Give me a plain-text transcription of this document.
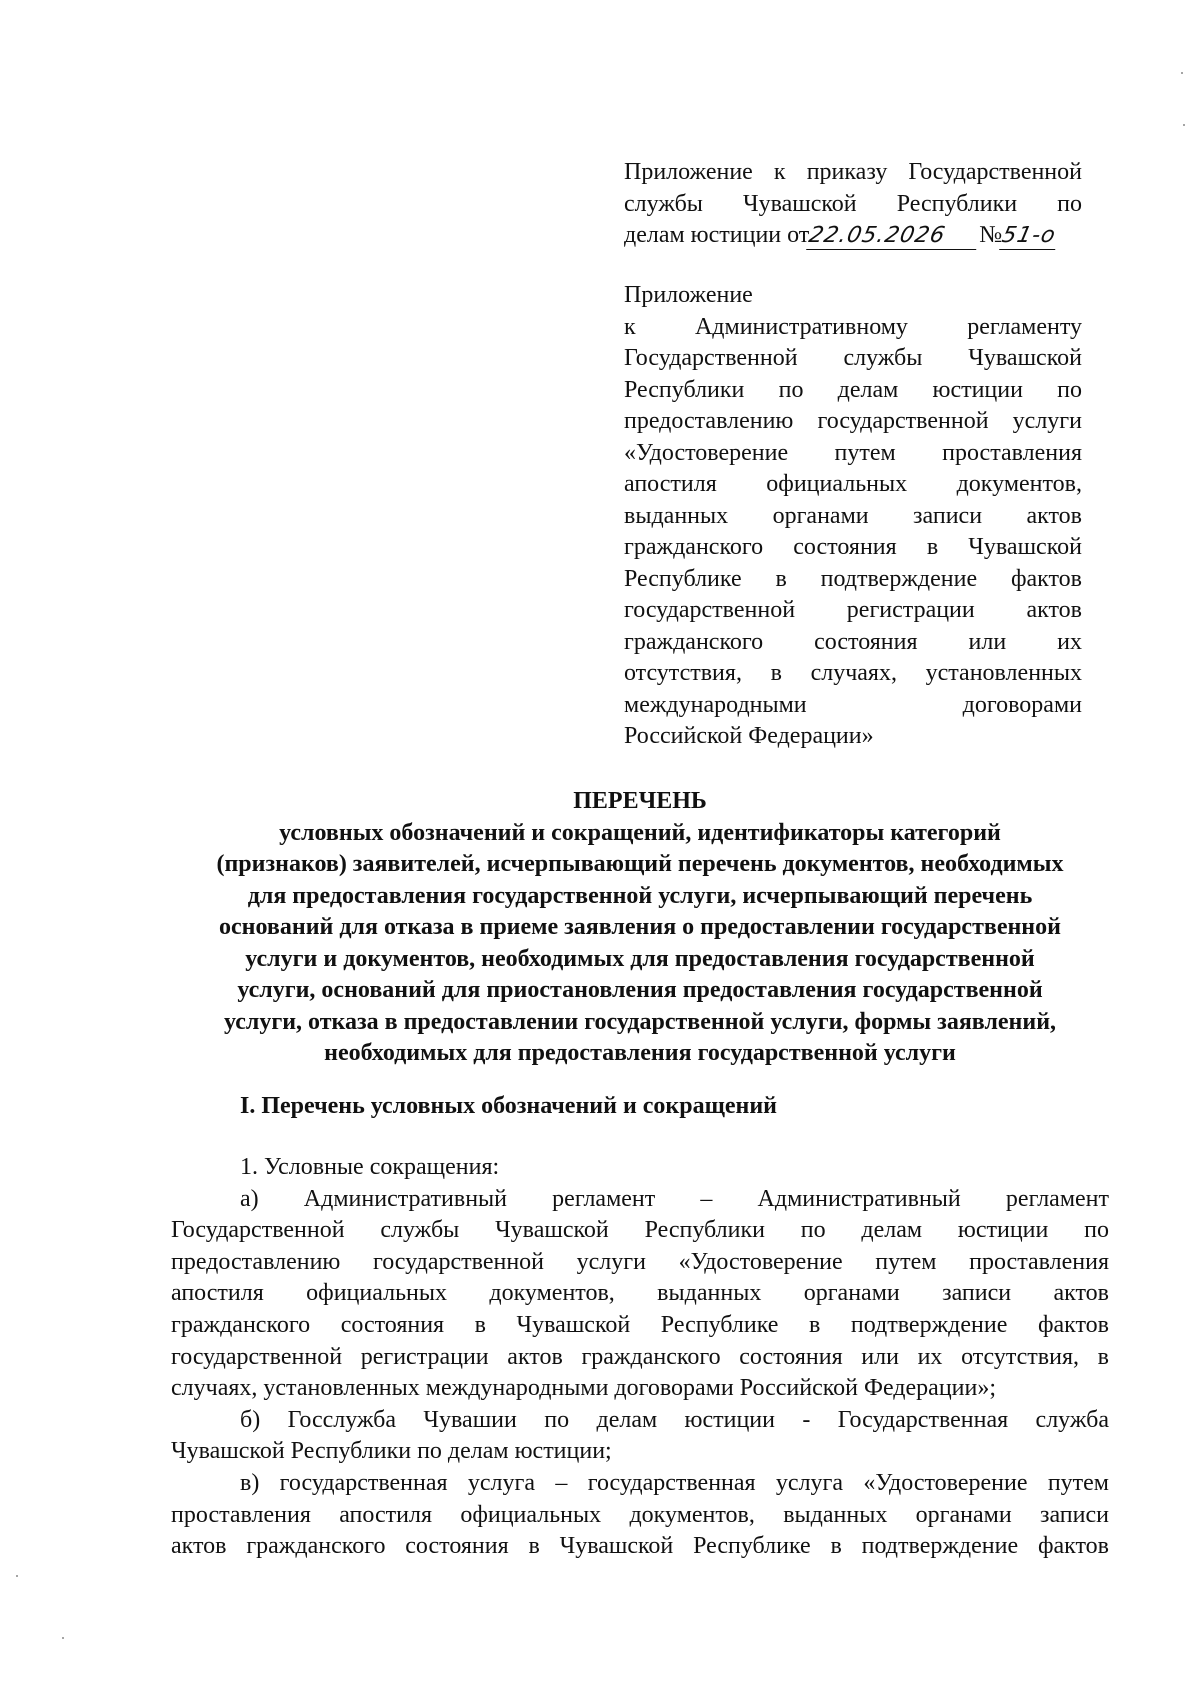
Приложение к приказу Государственной
службы Чувашской Республики по
делам юстиции от22.05.2026 №51-о
Приложение
к Административному регламенту
Государственной службы Чувашской
Республики по делам юстиции по
предоставлению государственной услуги
«Удостоверение путем проставления
апостиля официальных документов,
выданных органами записи актов
гражданского состояния в Чувашской
Республике в подтверждение фактов
государственной регистрации актов
гражданского состояния или их
отсутствия, в случаях, установленных
международными договорами
Российской Федерации»
ПЕРЕЧЕНЬ
условных обозначений и сокращений, идентификаторы категорий
(признаков) заявителей, исчерпывающий перечень документов, необходимых
для предоставления государственной услуги, исчерпывающий перечень
оснований для отказа в приеме заявления о предоставлении государственной
услуги и документов, необходимых для предоставления государственной
услуги, оснований для приостановления предоставления государственной
услуги, отказа в предоставлении государственной услуги, формы заявлений,
необходимых для предоставления государственной услуги
I. Перечень условных обозначений и сокращений
1. Условные сокращения:
а) Административный регламент – Административный регламент
Государственной службы Чувашской Республики по делам юстиции по
предоставлению государственной услуги «Удостоверение путем проставления
апостиля официальных документов, выданных органами записи актов
гражданского состояния в Чувашской Республике в подтверждение фактов
государственной регистрации актов гражданского состояния или их отсутствия, в
случаях, установленных международными договорами Российской Федерации»;
б) Госслужба Чувашии по делам юстиции - Государственная служба
Чувашской Республики по делам юстиции;
в) государственная услуга – государственная услуга «Удостоверение путем
проставления апостиля официальных документов, выданных органами записи
актов гражданского состояния в Чувашской Республике в подтверждение фактов
